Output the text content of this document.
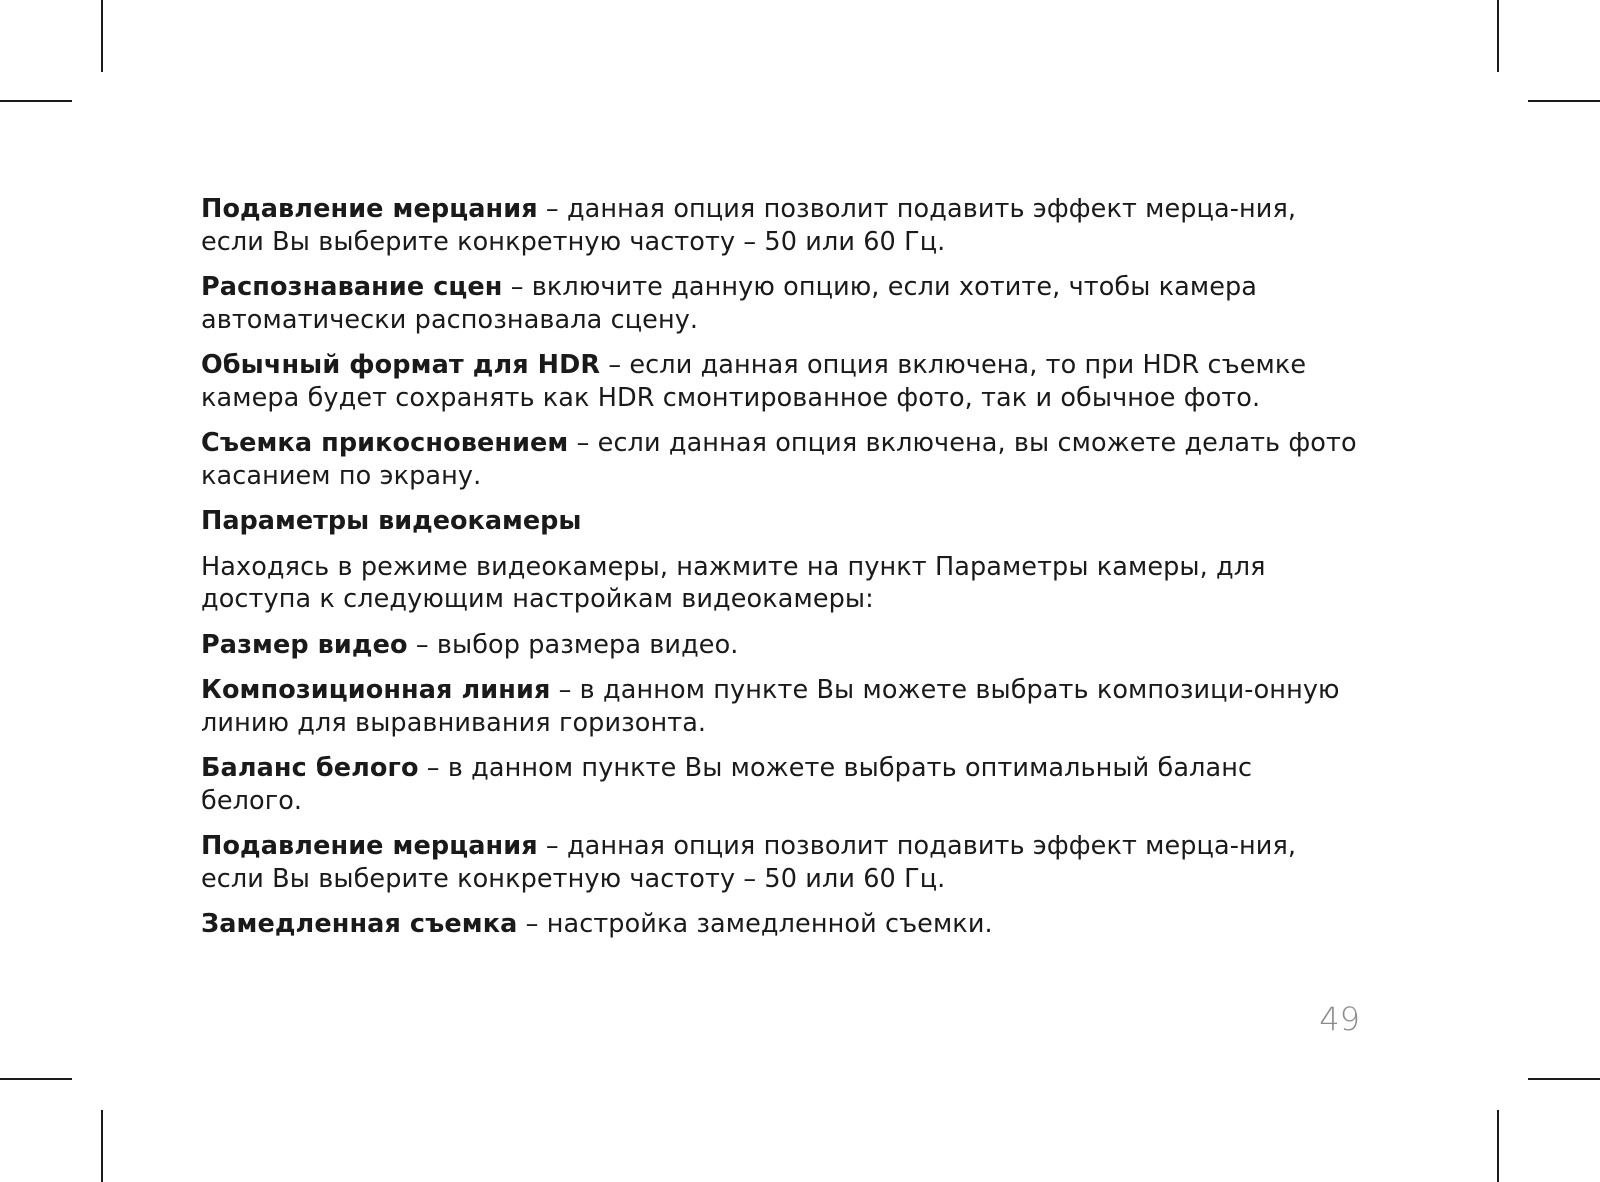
Подавление мерцания – данная опция позволит подавить эффект мерца-ния, если Вы выберите конкретную частоту – 50 или 60 Гц.

Распознавание сцен – включите данную опцию, если хотите, чтобы камера автоматически распознавала сцену.

Обычный формат для HDR – если данная опция включена, то при HDR съемке камера будет сохранять как HDR смонтированное фото, так и обычное фото.

Съемка прикосновением – если данная опция включена, вы сможете делать фото касанием по экрану.

Параметры видеокамеры

Находясь в режиме видеокамеры, нажмите на пункт Параметры камеры, для доступа к следующим настройкам видеокамеры:

Размер видео – выбор размера видео.

Композиционная линия – в данном пункте Вы можете выбрать композици-онную линию для выравнивания горизонта.

Баланс белого – в данном пункте Вы можете выбрать оптимальный баланс белого.

Подавление мерцания – данная опция позволит подавить эффект мерца-ния, если Вы выберите конкретную частоту – 50 или 60 Гц.

Замедленная съемка – настройка замедленной съемки.

49
